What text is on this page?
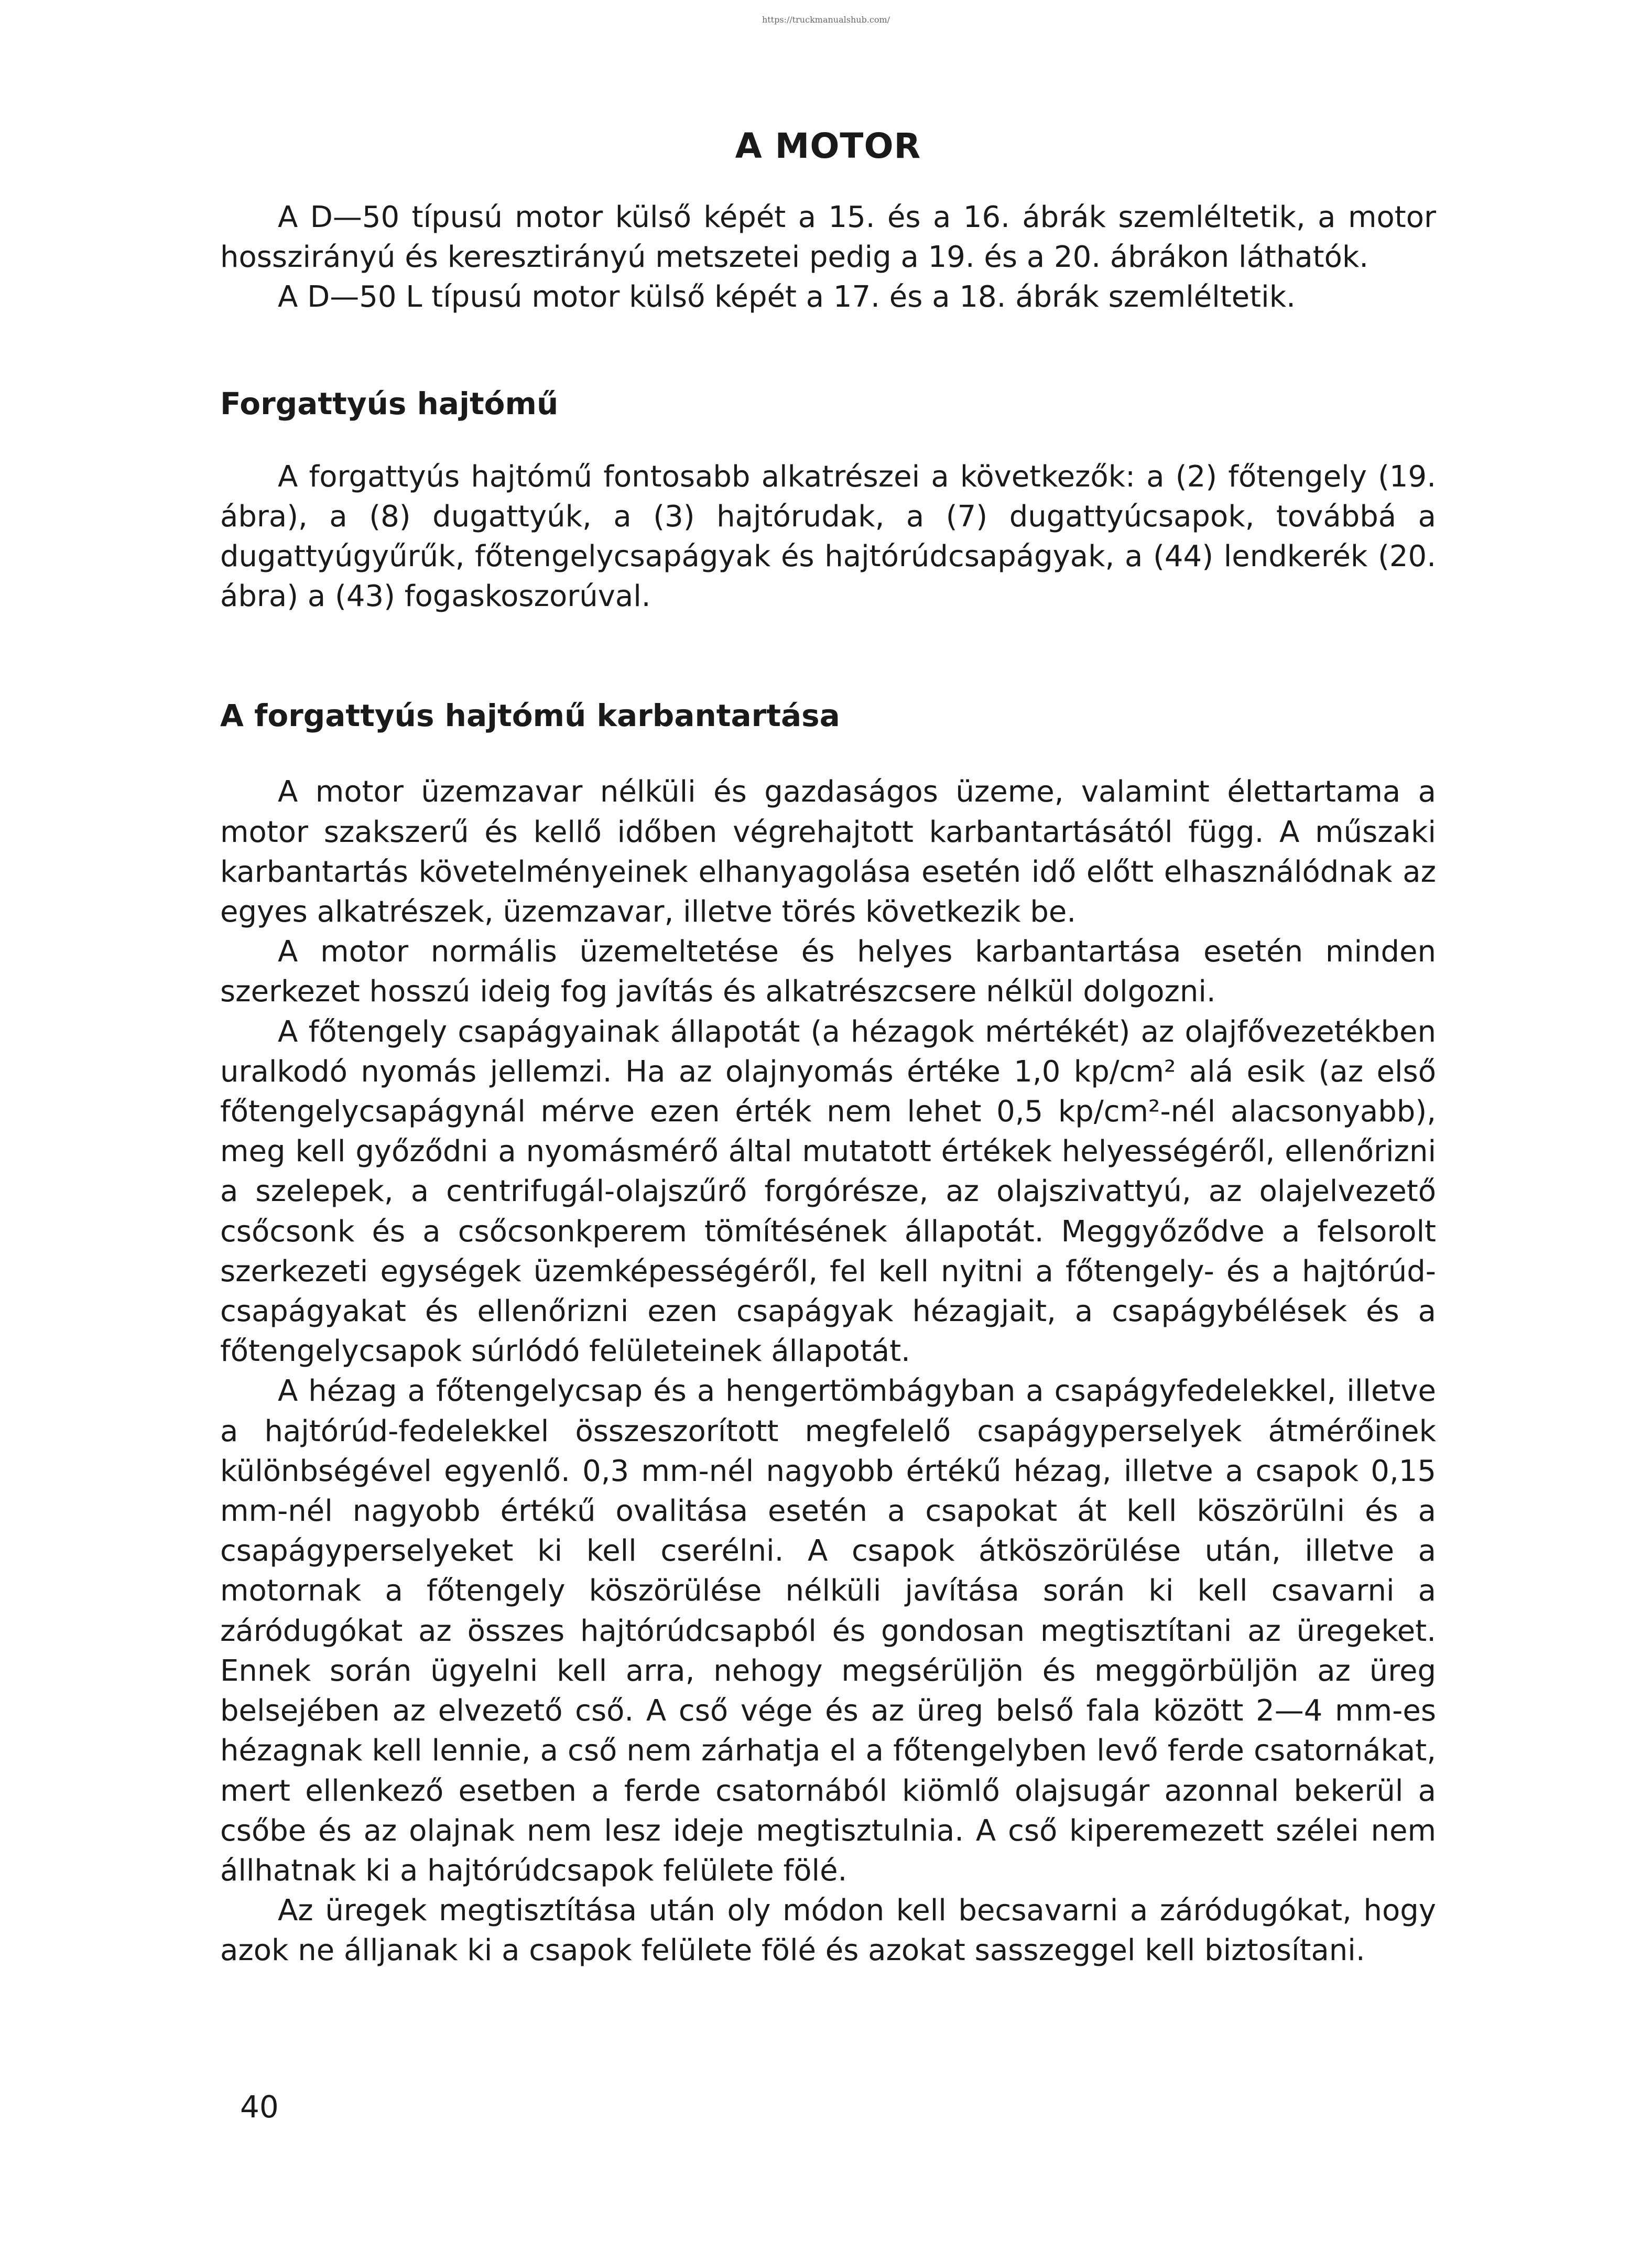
https://truckmanualshub.com/
A MOTOR

A D—50 típusú motor külső képét a 15. és a 16. ábrák szemléltetik, a motor hosszirányú és keresztirányú metszetei pedig a 19. és a 20. ábrákon láthatók.

A D—50 L típusú motor külső képét a 17. és a 18. ábrák szemléltetik.

Forgattyús hajtómű

A forgattyús hajtómű fontosabb alkatrészei a következők: a (2) főtengely (19. ábra), a (8) dugattyúk, a (3) hajtórudak, a (7) dugattyúcsapok, továbbá a dugattyúgyűrűk, főtengelycsapágyak és hajtórúdcsapágyak, a (44) lendkerék (20. ábra) a (43) fogaskoszorúval.

A forgattyús hajtómű karbantartása

A motor üzemzavar nélküli és gazdaságos üzeme, valamint élettartama a motor szakszerű és kellő időben végrehajtott karbantartásától függ. A műszaki karbantartás követelményeinek elhanyagolása esetén idő előtt elhasználódnak az egyes alkatrészek, üzemzavar, illetve törés következik be.

A motor normális üzemeltetése és helyes karbantartása esetén minden szerkezet hosszú ideig fog javítás és alkatrészcsere nélkül dolgozni.

A főtengely csapágyainak állapotát (a hézagok mértékét) az olajfővezetékben uralkodó nyomás jellemzi. Ha az olajnyomás értéke 1,0 kp/cm² alá esik (az első főtengelycsapágynál mérve ezen érték nem lehet 0,5 kp/cm²-nél alacsonyabb), meg kell győződni a nyomásmérő által mutatott értékek helyességéről, ellenőrizni a szelepek, a centrifugál-olajszűrő forgórésze, az olajszivattyú, az olajelvezető csőcsonk és a csőcsonkperem tömítésének állapotát. Meggyőződve a felsorolt szerkezeti egységek üzemképességéről, fel kell nyitni a főtengely- és a hajtórúd-csapágyakat és ellenőrizni ezen csapágyak hézagjait, a csapágybélések és a főtengelycsapok súrlódó felületeinek állapotát.

A hézag a főtengelycsap és a hengertömbágyban a csapágyfedelekkel, illetve a hajtórúd-fedelekkel összeszorított megfelelő csapágyperselyek átmérőinek különbségével egyenlő. 0,3 mm-nél nagyobb értékű hézag, illetve a csapok 0,15 mm-nél nagyobb értékű ovalitása esetén a csapokat át kell köszörülni és a csapágyperselyeket ki kell cserélni. A csapok átköszörülése után, illetve a motornak a főtengely köszörülése nélküli javítása során ki kell csavarni a záródugókat az összes hajtórúdcsapból és gondosan megtisztítani az üregeket. Ennek során ügyelni kell arra, nehogy megsérüljön és meggörbüljön az üreg belsejében az elvezető cső. A cső vége és az üreg belső fala között 2—4 mm-es hézagnak kell lennie, a cső nem zárhatja el a főtengelyben levő ferde csatornákat, mert ellenkező esetben a ferde csatornából kiömlő olajsugár azonnal bekerül a csőbe és az olajnak nem lesz ideje megtisztulnia. A cső kiperemezett szélei nem állhatnak ki a hajtórúdcsapok felülete fölé.

Az üregek megtisztítása után oly módon kell becsavarni a záródugókat, hogy azok ne álljanak ki a csapok felülete fölé és azokat sasszeggel kell biztosítani.

40
